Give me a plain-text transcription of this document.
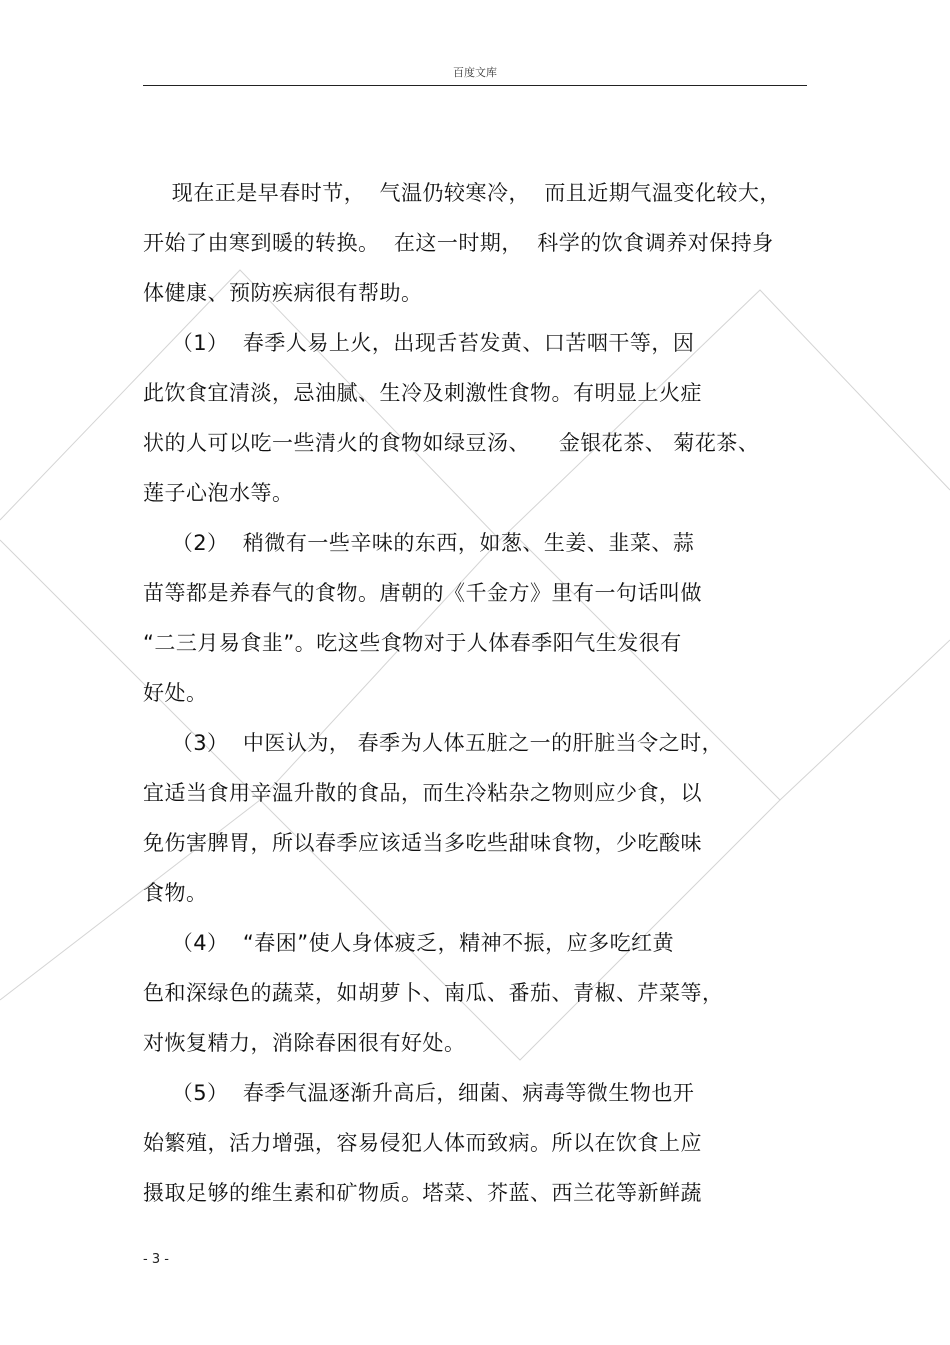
百度文库
现在正是早春时节，  气温仍较寒冷，  而且近期气温变化较大，
开始了由寒到暖的转换。  在这一时期，  科学的饮食调养对保持身
体健康、预防疾病很有帮助。
（1）  春季人易上火，出现舌苔发黄、口苦咽干等，因
此饮食宜清淡，忌油腻、生冷及刺激性食物。有明显上火症
状的人可以吃一些清火的食物如绿豆汤、    金银花茶、 菊花茶、
莲子心泡水等。
（2）  稍微有一些辛味的东西，如葱、生姜、韭菜、蒜
苗等都是养春气的食物。唐朝的《千金方》里有一句话叫做
“二三月易食韭”。吃这些食物对于人体春季阳气生发很有
好处。
（3）  中医认为， 春季为人体五脏之一的肝脏当令之时，
宜适当食用辛温升散的食品，而生冷粘杂之物则应少食，以
免伤害脾胃，所以春季应该适当多吃些甜味食物，少吃酸味
食物。
（4）  “春困”使人身体疲乏，精神不振，应多吃红黄
色和深绿色的蔬菜，如胡萝卜、南瓜、番茄、青椒、芹菜等，
对恢复精力，消除春困很有好处。
（5）  春季气温逐渐升高后，细菌、病毒等微生物也开
始繁殖，活力增强，容易侵犯人体而致病。所以在饮食上应
摄取足够的维生素和矿物质。塔菜、芥蓝、西兰花等新鲜蔬
- 3 -
